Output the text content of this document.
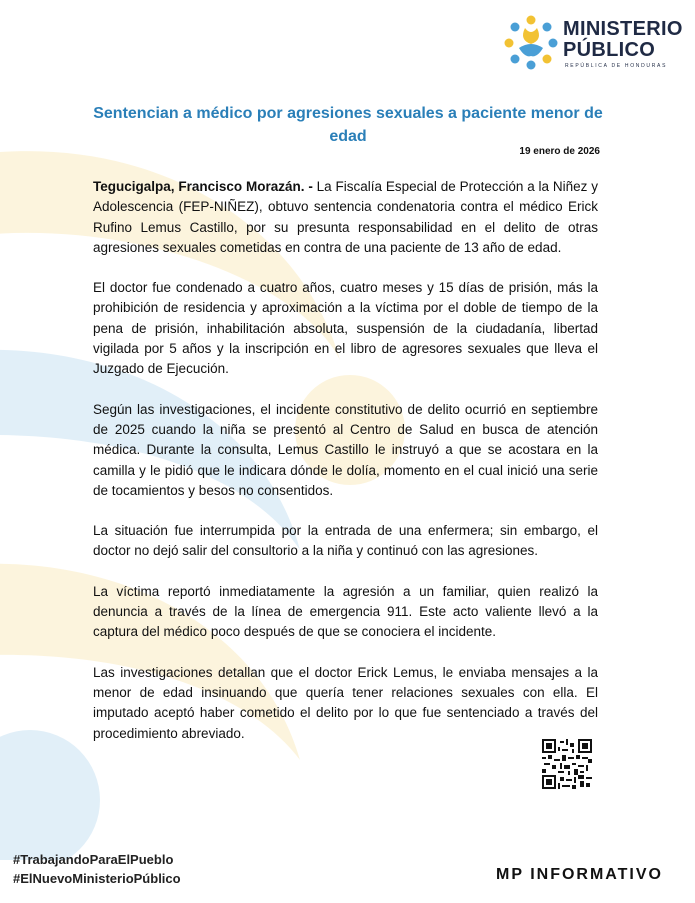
MINISTERIO
PÚBLICO
REPÚBLICA DE HONDURAS
Sentencian a médico por agresiones sexuales a paciente menor de edad
19 enero de 2026

Tegucigalpa, Francisco Morazán. - La Fiscalía Especial de Protección a la Niñez y Adolescencia (FEP-NIÑEZ), obtuvo sentencia condenatoria contra el médico Erick Rufino Lemus Castillo, por su presunta responsabilidad en el delito de otras agresiones sexuales cometidas en contra de una paciente de 13 año de edad.

El doctor fue condenado a cuatro años, cuatro meses y 15 días de prisión, más la prohibición de residencia y aproximación a la víctima por el doble de tiempo de la pena de prisión, inhabilitación absoluta, suspensión de la ciudadanía, libertad vigilada por 5 años y la inscripción en el libro de agresores sexuales que lleva el Juzgado de Ejecución.

Según las investigaciones, el incidente constitutivo de delito ocurrió en septiembre de 2025 cuando la niña se presentó al Centro de Salud en busca de atención médica. Durante la consulta, Lemus Castillo le instruyó a que se acostara en la camilla y le pidió que le indicara dónde le dolía, momento en el cual inició una serie de tocamientos y besos no consentidos.

La situación fue interrumpida por la entrada de una enfermera; sin embargo, el doctor no dejó salir del consultorio a la niña y continuó con las agresiones.

La víctima reportó inmediatamente la agresión a un familiar, quien realizó la denuncia a través de la línea de emergencia 911. Este acto valiente llevó a la captura del médico poco después de que se conociera el incidente.

Las investigaciones detallan que el doctor Erick Lemus, le enviaba mensajes a la menor de edad insinuando que quería tener relaciones sexuales con ella. El imputado aceptó haber cometido el delito por lo que fue sentenciado a través del procedimiento abreviado.

#TrabajandoParaElPueblo
#ElNuevoMinisterioPúblico	MP INFORMATIVO
